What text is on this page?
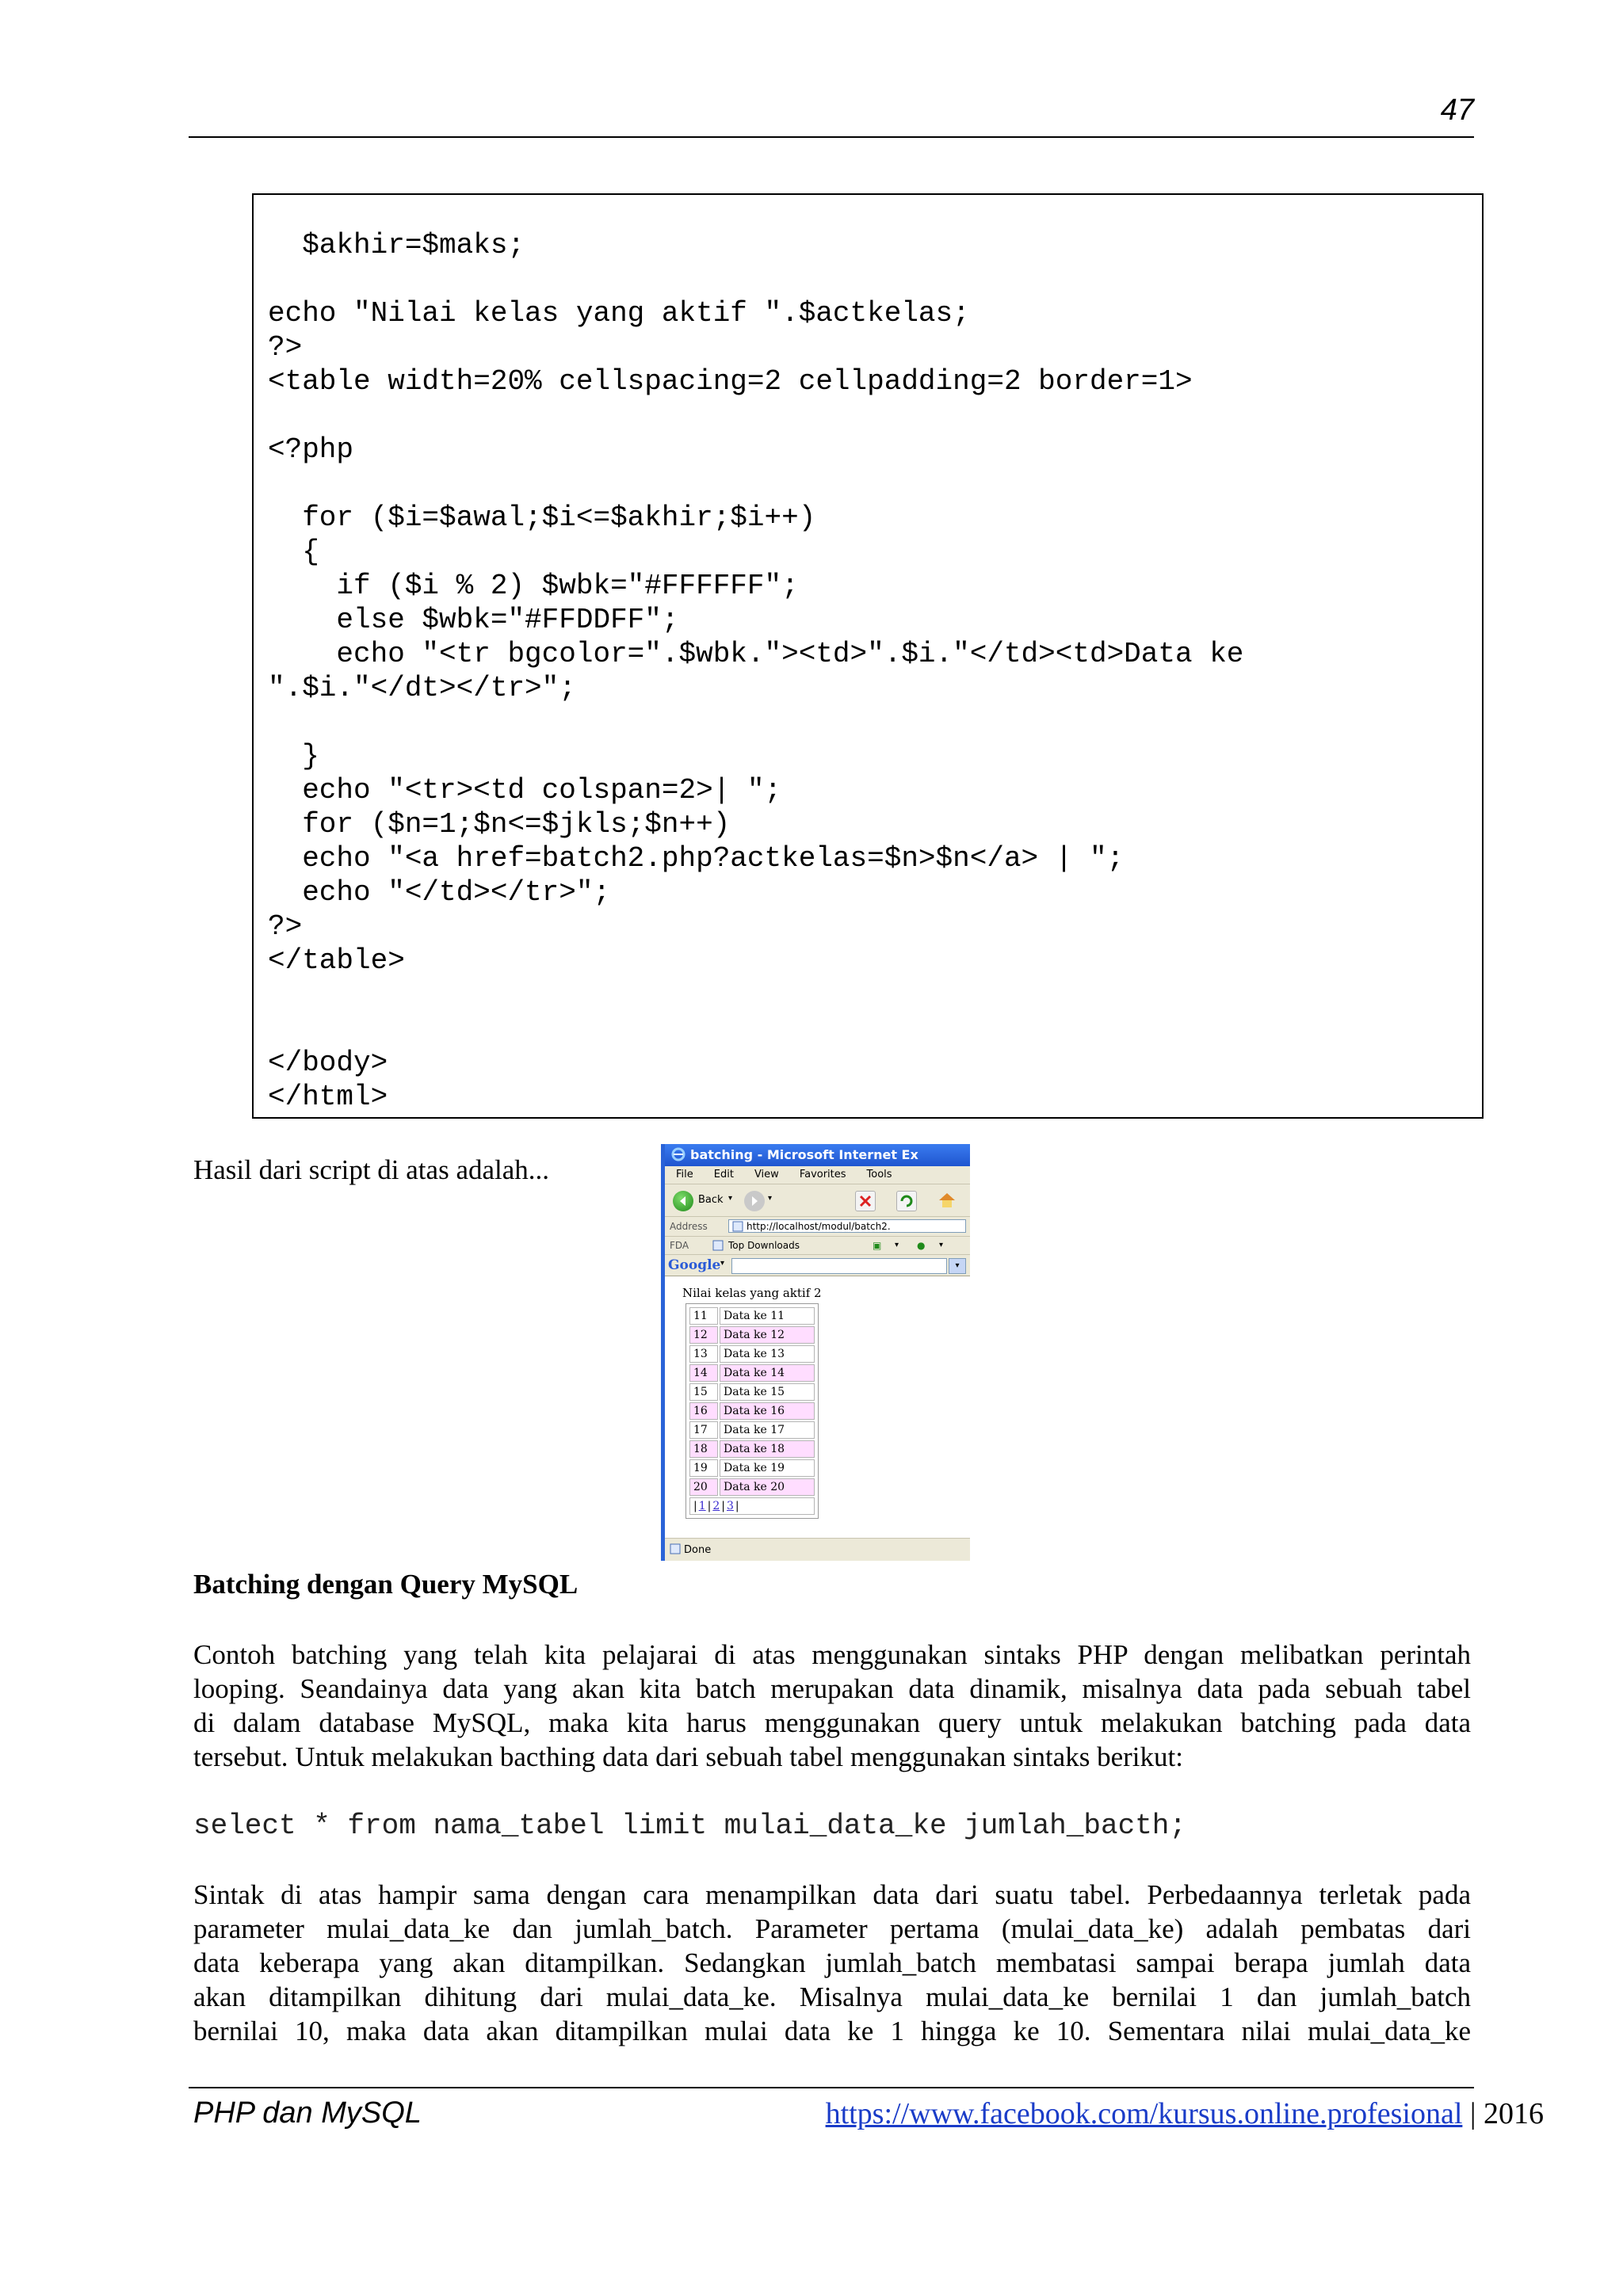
47
$akhir=$maks;
echo "Nilai kelas yang aktif ".$actkelas;
?>
<table width=20% cellspacing=2 cellpadding=2 border=1>
<?php
for ($i=$awal;$i<=$akhir;$i++)
{
if ($i % 2) $wbk="#FFFFFF";
else $wbk="#FFDDFF";
echo "<tr bgcolor=".$wbk."><td>".$i."</td><td>Data ke
".$i."</dt></tr>";
}
echo "<tr><td colspan=2>| ";
for ($n=1;$n<=$jkls;$n++)
echo "<a href=batch2.php?actkelas=$n>$n</a> | ";
echo "</td></tr>";
?>
</table>
</body>
</html>
Hasil dari script di atas adalah...	batching - Microsoft Internet Ex
File Edit View Favorites Tools
Back ▾	▾
Address	http://localhost/modul/batch2.
FDA	Top Downloads	▣ ▾ ● ▾
Google ▾	▾
Nilai kelas yang aktif 2
11	Data ke 11
12	Data ke 12
13	Data ke 13
14	Data ke 14
15	Data ke 15
16	Data ke 16
17	Data ke 17
18	Data ke 18
19	Data ke 19
20	Data ke 20
| 1 | 2 | 3 |	
Done
Batching dengan Query MySQL
Contoh batching yang telah kita pelajarai di atas menggunakan sintaks PHP dengan melibatkan perintah
looping. Seandainya data yang akan kita batch merupakan data dinamik, misalnya data pada sebuah tabel
di dalam database MySQL, maka kita harus menggunakan query untuk melakukan batching pada data
tersebut. Untuk melakukan bacthing data dari sebuah tabel menggunakan sintaks berikut:
select * from nama_tabel limit mulai_data_ke jumlah_bacth;
Sintak di atas hampir sama dengan cara menampilkan data dari suatu tabel. Perbedaannya terletak pada
parameter mulai_data_ke dan jumlah_batch. Parameter pertama (mulai_data_ke) adalah pembatas dari
data keberapa yang akan ditampilkan. Sedangkan jumlah_batch membatasi sampai berapa jumlah data
akan ditampilkan dihitung dari mulai_data_ke. Misalnya mulai_data_ke bernilai 1 dan jumlah_batch
bernilai 10, maka data akan ditampilkan mulai data ke 1 hingga ke 10. Sementara nilai mulai_data_ke
PHP dan MySQL	https://www.facebook.com/kursus.online.profesional | 2016
